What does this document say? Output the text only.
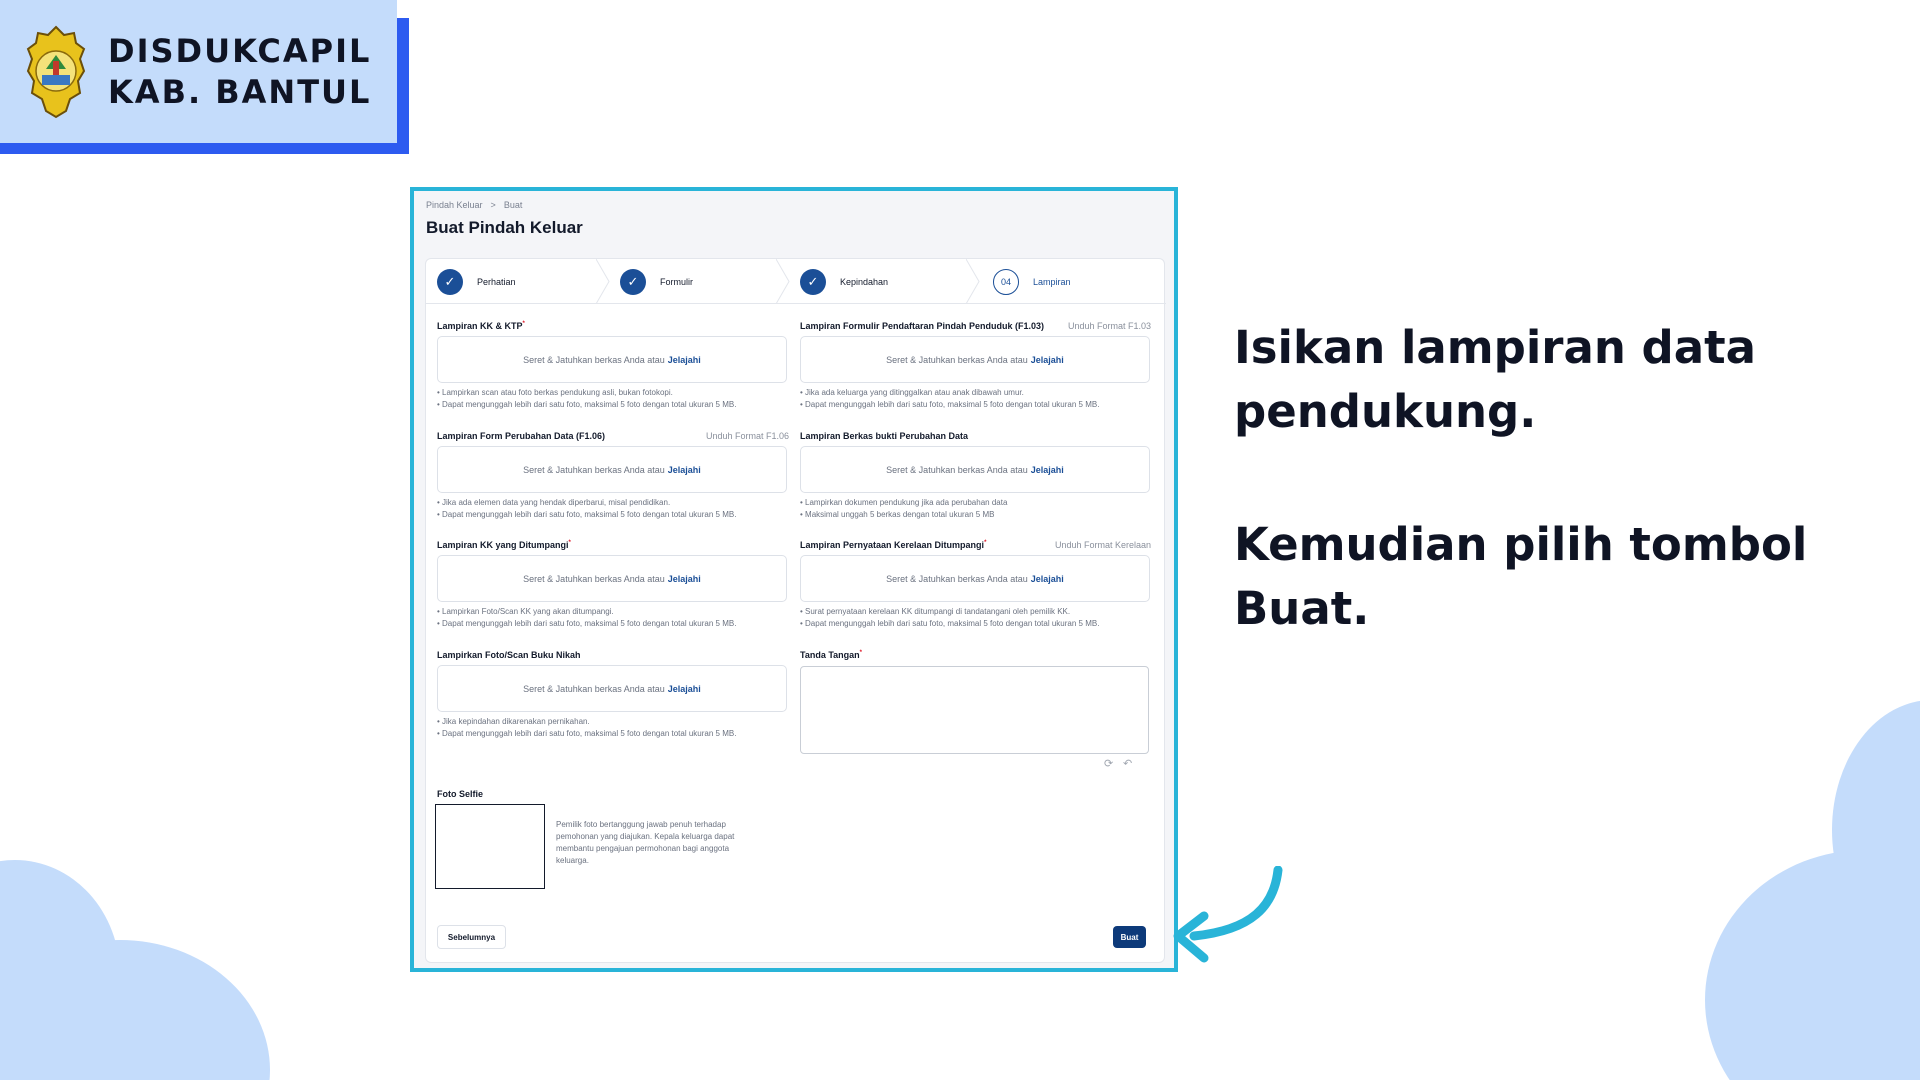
DISDUKCAPIL
KAB. BANTUL
Pindah Keluar > Buat
Buat Pindah Keluar
✓	Perhatian	✓	Formulir	✓	Kepindahan	04	Lampiran
Lampiran KK & KTP*
Seret & Jatuhkan berkas Anda atau Jelajahi
• Lampirkan scan atau foto berkas pendukung asli, bukan fotokopi.
• Dapat mengunggah lebih dari satu foto, maksimal 5 foto dengan total ukuran 5 MB.
Lampiran Formulir Pendaftaran Pindah Penduduk (F1.03)	Unduh Format F1.03
Seret & Jatuhkan berkas Anda atau Jelajahi
• Jika ada keluarga yang ditinggalkan atau anak dibawah umur.
• Dapat mengunggah lebih dari satu foto, maksimal 5 foto dengan total ukuran 5 MB.
Lampiran Form Perubahan Data (F1.06)	Unduh Format F1.06
Seret & Jatuhkan berkas Anda atau Jelajahi
• Jika ada elemen data yang hendak diperbarui, misal pendidikan.
• Dapat mengunggah lebih dari satu foto, maksimal 5 foto dengan total ukuran 5 MB.
Lampiran Berkas bukti Perubahan Data
Seret & Jatuhkan berkas Anda atau Jelajahi
• Lampirkan dokumen pendukung jika ada perubahan data
• Maksimal unggah 5 berkas dengan total ukuran 5 MB
Lampiran KK yang Ditumpangi*
Seret & Jatuhkan berkas Anda atau Jelajahi
• Lampirkan Foto/Scan KK yang akan ditumpangi.
• Dapat mengunggah lebih dari satu foto, maksimal 5 foto dengan total ukuran 5 MB.
Lampiran Pernyataan Kerelaan Ditumpangi*	Unduh Format Kerelaan
Seret & Jatuhkan berkas Anda atau Jelajahi
• Surat pernyataan kerelaan KK ditumpangi di tandatangani oleh pemilik KK.
• Dapat mengunggah lebih dari satu foto, maksimal 5 foto dengan total ukuran 5 MB.
Lampirkan Foto/Scan Buku Nikah
Seret & Jatuhkan berkas Anda atau Jelajahi
• Jika kepindahan dikarenakan pernikahan.
• Dapat mengunggah lebih dari satu foto, maksimal 5 foto dengan total ukuran 5 MB.
Tanda Tangan*
⟳ ↶
Foto Selfie
Pemilik foto bertanggung jawab penuh terhadap
pemohonan yang diajukan. Kepala keluarga dapat
membantu pengajuan permohonan bagi anggota
keluarga.
Sebelumnya	Buat
Isikan lampiran data
pendukung.
Kemudian pilih tombol
Buat.
